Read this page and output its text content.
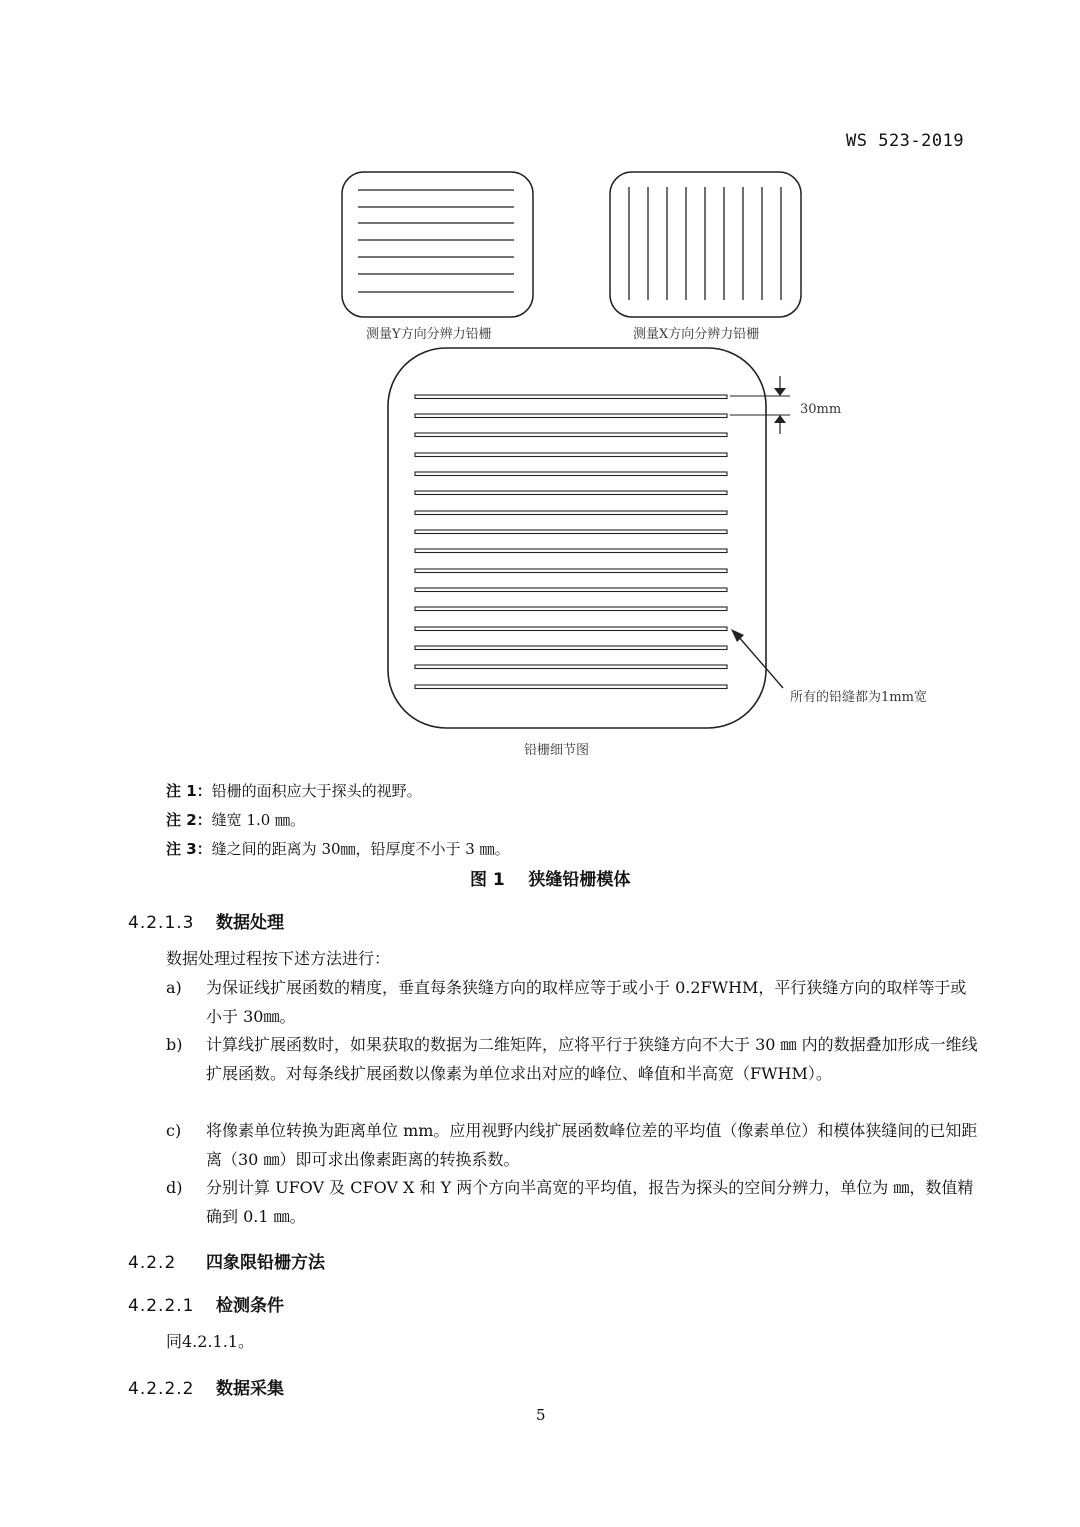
WS 523-2019
测量Y方向分辨力铅栅	测量X方向分辨力铅栅
30mm
所有的铅缝都为1mm宽
铅栅细节图
注 1：铅栅的面积应大于探头的视野。
注 2：缝宽 1.0 ㎜。
注 3：缝之间的距离为 30㎜，铅厚度不小于 3 ㎜。
图 1    狭缝铅栅模体
4.2.1.3 数据处理
数据处理过程按下述方法进行：
a) 为保证线扩展函数的精度，垂直每条狭缝方向的取样应等于或小于 0.2FWHM，平行狭缝方向的取样等于或小于 30㎜。
b) 计算线扩展函数时，如果获取的数据为二维矩阵，应将平行于狭缝方向不大于 30 ㎜ 内的数据叠加形成一维线扩展函数。对每条线扩展函数以像素为单位求出对应的峰位、峰值和半高宽（FWHM）。
c) 将像素单位转换为距离单位 mm。应用视野内线扩展函数峰位差的平均值（像素单位）和模体狭缝间的已知距离（30 ㎜）即可求出像素距离的转换系数。
d) 分别计算 UFOV 及 CFOV X 和 Y 两个方向半高宽的平均值，报告为探头的空间分辨力，单位为 ㎜，数值精确到 0.1 ㎜。
4.2.2 四象限铅栅方法
4.2.2.1 检测条件
同4.2.1.1。
4.2.2.2 数据采集
5
